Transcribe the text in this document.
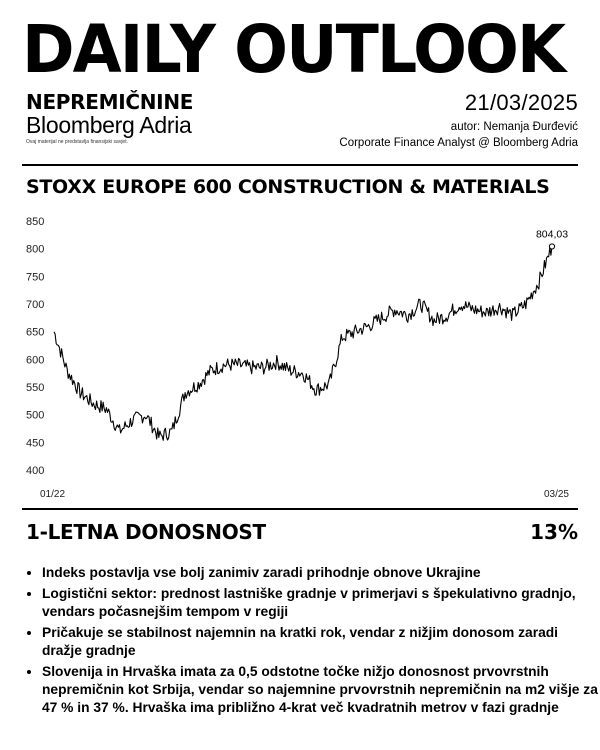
DAILY OUTLOOK
NEPREMIČNINE
Bloomberg Adria
Ovaj materijal ne predstavlja finansijski savjet.
21/03/2025
autor: Nemanja Đurđević
Corporate Finance Analyst @ Bloomberg Adria
STOXX EUROPE 600 CONSTRUCTION & MATERIALS
400
450
500
550
600
650
700
750
800
850
01/22	03/25
804,03
1-LETNA DONOSNOST	13%
• Indeks postavlja vse bolj zanimiv zaradi prihodnje obnove Ukrajine
• Logistični sektor: prednost lastniške gradnje v primerjavi s špekulativno gradnjo, vendars počasnejšim tempom v regiji
• Pričakuje se stabilnost najemnin na kratki rok, vendar z nižjim donosom zaradi dražje gradnje
• Slovenija in Hrvaška imata za 0,5 odstotne točke nižjo donosnost prvovrstnih nepremičnin kot Srbija, vendar so najemnine prvovrstnih nepremičnin na m2 višje za 47 % in 37 %. Hrvaška ima približno 4-krat več kvadratnih metrov v fazi gradnje
